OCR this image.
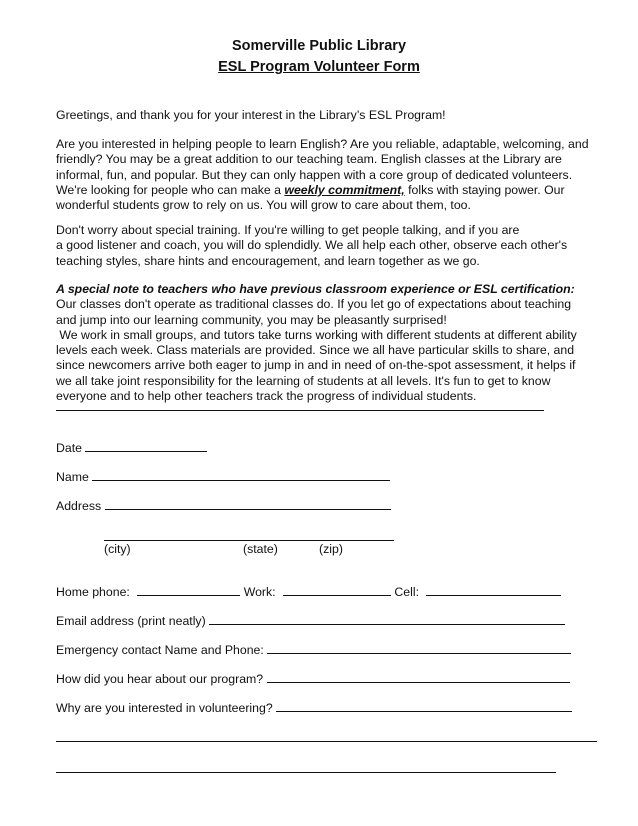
Somerville Public Library
ESL Program Volunteer Form
Greetings, and thank you for your interest in the Library’s ESL Program!
Are you interested in helping people to learn English? Are you reliable, adaptable, welcoming, and
friendly? You may be a great addition to our teaching team. English classes at the Library are
informal, fun, and popular. But they can only happen with a core group of dedicated volunteers.
We're looking for people who can make a weekly commitment, folks with staying power. Our
wonderful students grow to rely on us. You will grow to care about them, too.
Don't worry about special training. If you're willing to get people talking, and if you are
a good listener and coach, you will do splendidly. We all help each other, observe each other's
teaching styles, share hints and encouragement, and learn together as we go.
A special note to teachers who have previous classroom experience or ESL certification:
Our classes don't operate as traditional classes do. If you let go of expectations about teaching
and jump into our learning community, you may be pleasantly surprised!
We work in small groups, and tutors take turns working with different students at different ability
levels each week. Class materials are provided. Since we all have particular skills to share, and
since newcomers arrive both eager to jump in and in need of on-the-spot assessment, it helps if
we all take joint responsibility for the learning of students at all levels. It's fun to get to know
everyone and to help other teachers track the progress of individual students.
Date
Name
Address
(city)	(state)	(zip)
Home phone:	Work:	Cell:
Email address (print neatly)
Emergency contact Name and Phone:
How did you hear about our program?
Why are you interested in volunteering?
